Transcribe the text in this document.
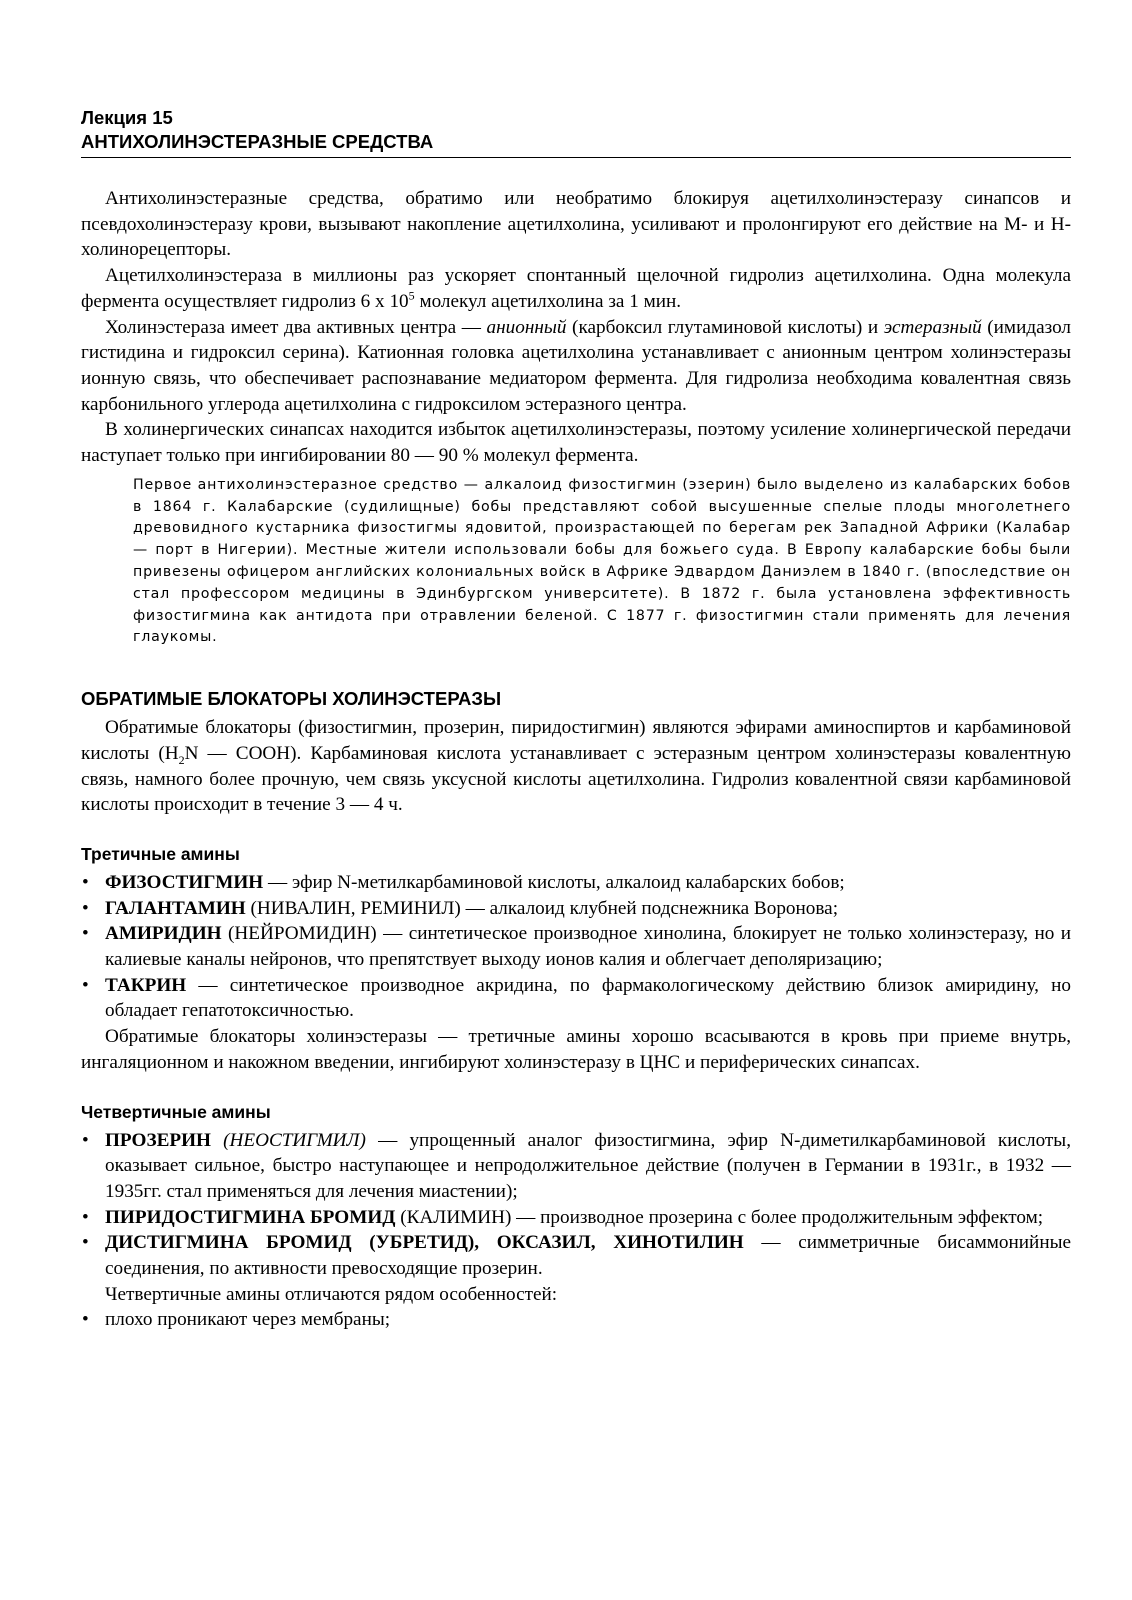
Лекция 15
АНТИХОЛИНЭСТЕРАЗНЫЕ СРЕДСТВА

Антихолинэстеразные средства, обратимо или необратимо блокируя ацетилхолинэстеразу синапсов и псевдохолинэстеразу крови, вызывают накопление ацетилхолина, усиливают и пролонгируют его действие на М- и Н-холинорецепторы.

Ацетилхолинэстераза в миллионы раз ускоряет спонтанный щелочной гидролиз ацетилхолина. Одна молекула фермента осуществляет гидролиз 6 x $10^5$ молекул ацетилхолина за 1 мин.

Холинэстераза имеет два активных центра — анионный (карбоксил глутаминовой кислоты) и эстеразный (имидазол гистидина и гидроксил серина). Катионная головка ацетилхолина устанавливает с анионным центром холинэстеразы ионную связь, что обеспечивает распознавание медиатором фермента. Для гидролиза необходима ковалентная связь карбонильного углерода ацетилхолина с гидроксилом эстеразного центра.

В холинергических синапсах находится избыток ацетилхолинэстеразы, поэтому усиление холинергической передачи наступает только при ингибировании 80 — 90 % молекул фермента.

Первое антихолинэстеразное средство — алкалоид физостигмин (эзерин) было выделено из калабарских бобов в 1864 г. Калабарские (судилищные) бобы представляют собой высушенные спелые плоды многолетнего древовидного кустарника физостигмы ядовитой, произрастающей по берегам рек Западной Африки (Калабар — порт в Нигерии). Местные жители использовали бобы для божьего суда. В Европу калабарские бобы были привезены офицером английских колониальных войск в Африке Эдвардом Даниэлем в 1840 г. (впоследствие он стал профессором медицины в Эдинбургском университете). В 1872 г. была установлена эффективность физостигмина как антидота при отравлении беленой. С 1877 г. физостигмин стали применять для лечения глаукомы.

ОБРАТИМЫЕ БЛОКАТОРЫ ХОЛИНЭСТЕРАЗЫ

Обратимые блокаторы (физостигмин, прозерин, пиридостигмин) являются эфирами аминоспиртов и карбаминовой кислоты ($H_2N$ — COOH). Карбаминовая кислота устанавливает с эстеразным центром холинэстеразы ковалентную связь, намного более прочную, чем связь уксусной кислоты ацетилхолина. Гидролиз ковалентной связи карбаминовой кислоты происходит в течение 3 — 4 ч.

Третичные амины
• ФИЗОСТИГМИН — эфир N-метилкарбаминовой кислоты, алкалоид калабарских бобов;
• ГАЛАНТАМИН (НИВАЛИН, РЕМИНИЛ) — алкалоид клубней подснежника Воронова;
• АМИРИДИН (НЕЙРОМИДИН) — синтетическое производное хинолина, блокирует не только холинэстеразу, но и калиевые каналы нейронов, что препятствует выходу ионов калия и облегчает деполяризацию;
• ТАКРИН — синтетическое производное акридина, по фармакологическому действию близок амиридину, но обладает гепатотоксичностью.

Обратимые блокаторы холинэстеразы — третичные амины хорошо всасываются в кровь при приеме внутрь, ингаляционном и накожном введении, ингибируют холинэстеразу в ЦНС и периферических синапсах.

Четвертичные амины
• ПРОЗЕРИН (НЕОСТИГМИЛ) — упрощенный аналог физостигмина, эфир N-диметилкарбаминовой кислоты, оказывает сильное, быстро наступающее и непродолжительное действие (получен в Германии в 1931г., в 1932 — 1935гг. стал применяться для лечения миастении);
• ПИРИДОСТИГМИНА БРОМИД (КАЛИМИН) — производное прозерина с более продолжительным эффектом;
• ДИСТИГМИНА БРОМИД (УБРЕТИД), ОКСАЗИЛ, ХИНОТИЛИН — симметричные бисаммонийные соединения, по активности превосходящие прозерин.

Четвертичные амины отличаются рядом особенностей:

• плохо проникают через мембраны;
